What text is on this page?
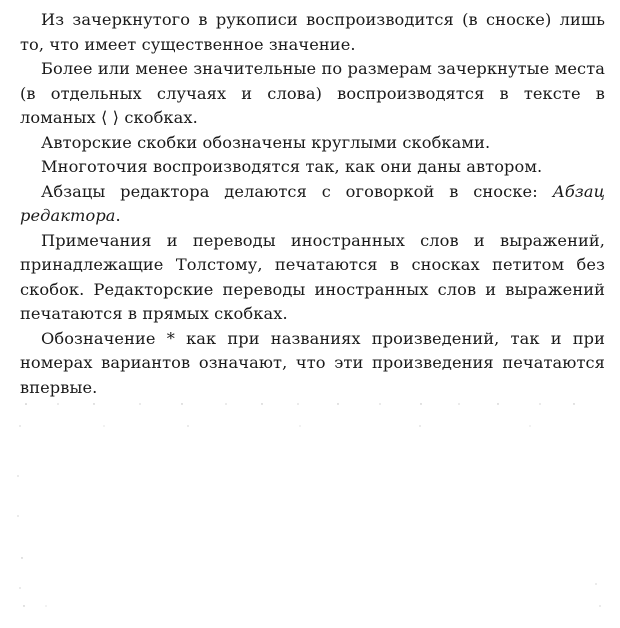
Из зачеркнутого в рукописи воспроизводится (в сноске) лишь то, что имеет существенное значение.

Более или менее значительные по размерам зачеркнутые места (в отдельных случаях и слова) воспроизводятся в тексте в ломаных ⟨ ⟩ скобках.

Авторские скобки обозначены круглыми скобками.

Многоточия воспроизводятся так, как они даны автором.

Абзацы редактора делаются с оговоркой в сноске: Абзац редактора.

Примечания и переводы иностранных слов и выражений, принадлежащие Толстому, печатаются в сносках петитом без скобок. Редакторские переводы иностранных слов и выражений печатаются в прямых скобках.

Обозначение * как при названиях произведений, так и при номерах вариантов означают, что эти произведения печатаются впервые.
